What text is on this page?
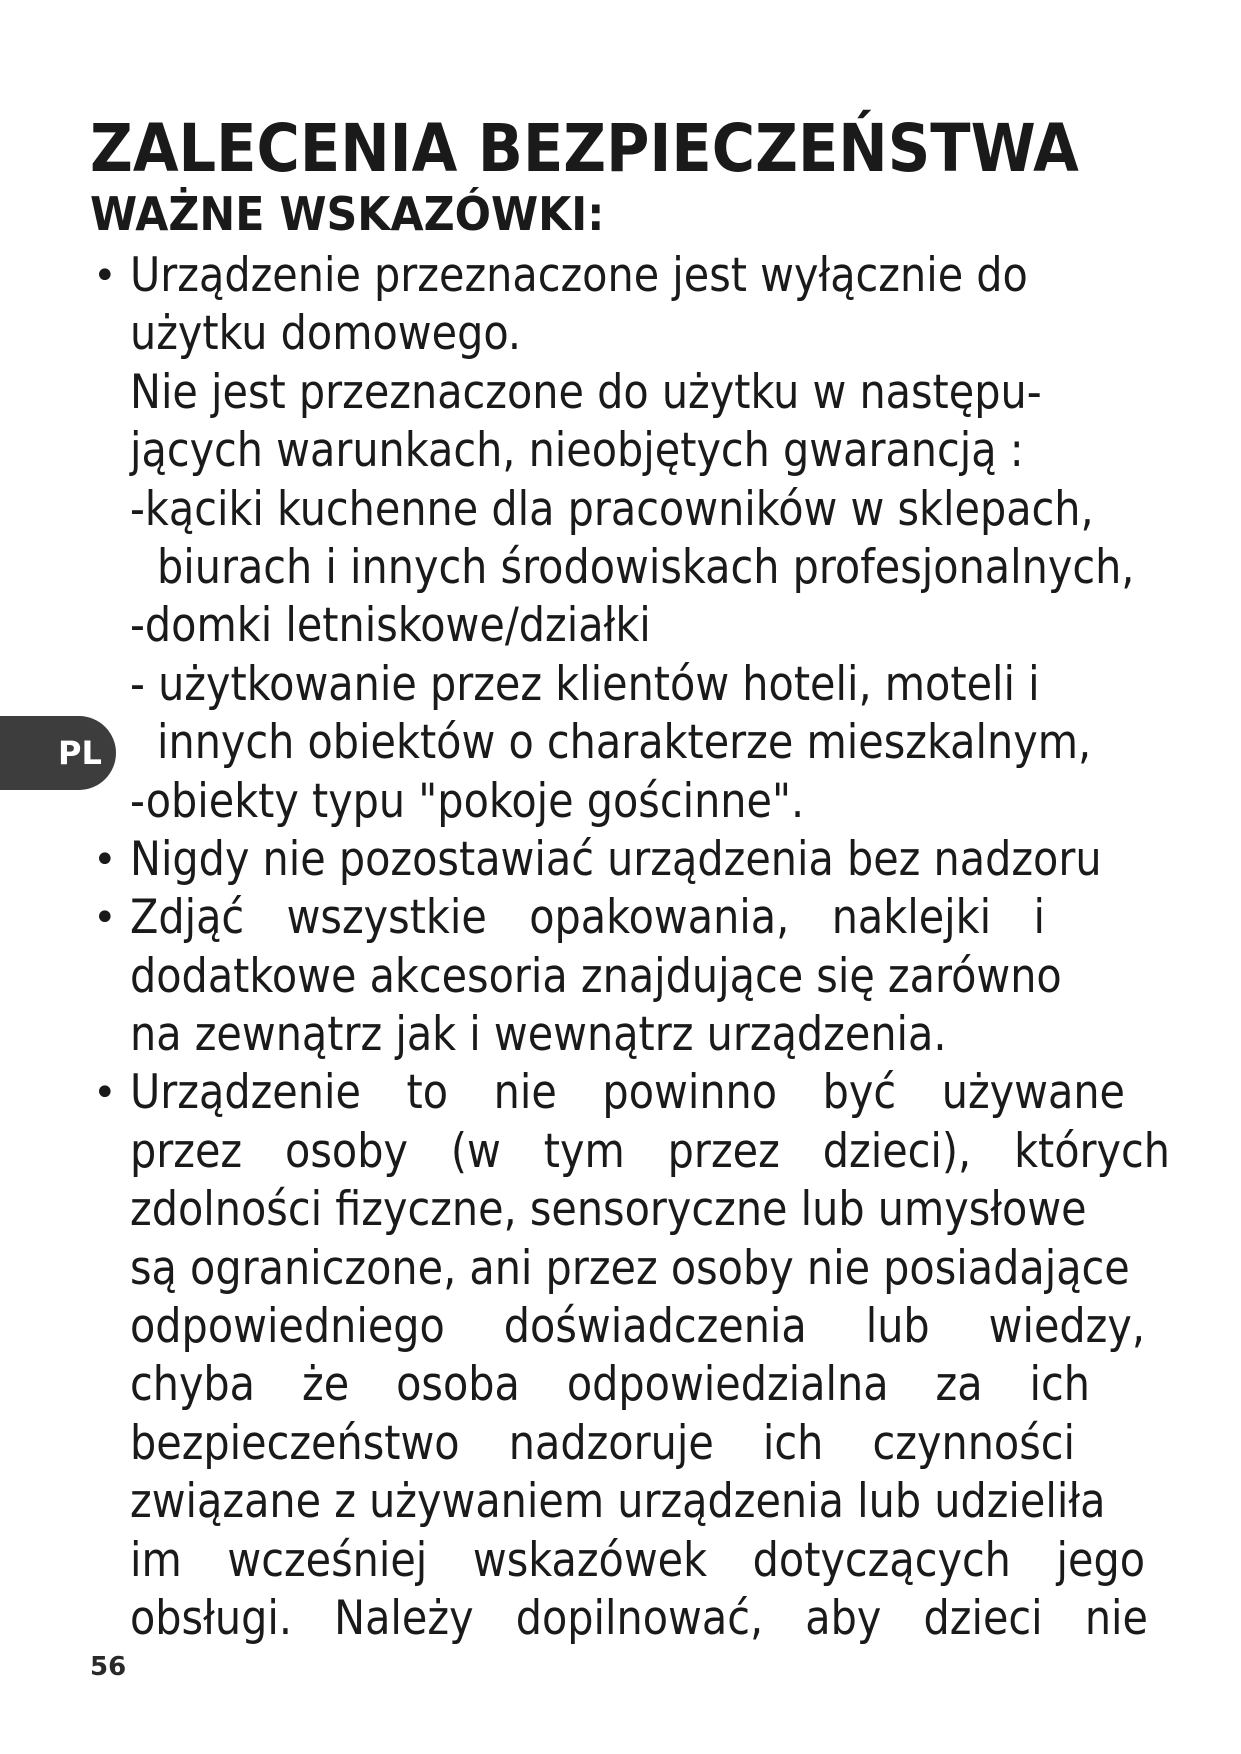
ZALECENIA BEZPIECZEŃSTWA
WAŻNE WSKAZÓWKI:
• Urządzenie przeznaczone jest wyłącznie do
użytku domowego.
Nie jest przeznaczone do użytku w następu-
jących warunkach, nieobjętych gwarancją :
-kąciki kuchenne dla pracowników w sklepach,
biurach i innych środowiskach profesjonalnych,
-domki letniskowe/działki
- użytkowanie przez klientów hoteli, moteli i
innych obiektów o charakterze mieszkalnym,
-obiekty typu "pokoje gościnne".
• Nigdy nie pozostawiać urządzenia bez nadzoru
• Zdjąć wszystkie opakowania, naklejki i
dodatkowe akcesoria znajdujące się zarówno
na zewnątrz jak i wewnątrz urządzenia.
• Urządzenie to nie powinno być używane
przez osoby (w tym przez dzieci), których
zdolności fizyczne, sensoryczne lub umysłowe
są ograniczone, ani przez osoby nie posiadające
odpowiedniego doświadczenia lub wiedzy,
chyba że osoba odpowiedzialna za ich
bezpieczeństwo nadzoruje ich czynności
związane z używaniem urządzenia lub udzieliła
im wcześniej wskazówek dotyczących jego
obsługi. Należy dopilnować, aby dzieci nie
PL
56
